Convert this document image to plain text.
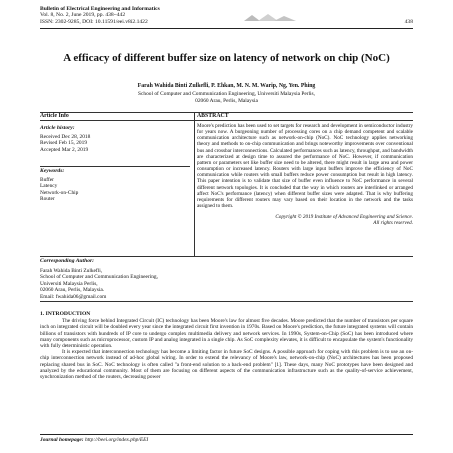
Bulletin of Electrical Engineering and Informatics
Vol. 8, No. 2, June 2019, pp. 438~442
ISSN: 2302-9285, DOI: 10.11591/eei.v8i2.1422	438
A efficacy of different buffer size on latency of network on chip (NoC)
Farah Wahida Binti Zulkefli, P. Ehkan, M. N. M. Warip, Ng, Yen. Phing
School of Computer and Communication Engineering, Universiti Malaysia Perlis,
02060 Arau, Perlis, Malaysia
Article Info
Article history:
Received Dec 28, 2018
Revised Feb 15, 2019
Accepted Mar 2, 2019
Keywords:
Buffer
Latency
Network-on-Chip
Router
ABSTRACT
Moore's prediction has been used to set targets for research and development in semiconductor industry for years now. A burgeoning number of processing cores on a chip demand competent and scalable communication architecture such as network-on-chip (NoC). NoC technology applies networking theory and methods to on-chip communication and brings noteworthy improvements over conventional bus and crossbar interconnections. Calculated performances such as latency, throughput, and bandwidth are characterized at design time to assured the performance of NoC. However, if communication pattern or parameters set like buffer size need to be altered, there might result in large area and power consumption or increased latency. Routers with large input buffers improve the efficiency of NoC communication while routers with small buffers reduce power consumption but result in high latency. This paper intention is to validate that size of buffer even influence to NoC performance in several different network topologies. It is concluded that the way in which routers are interlinked or arranged affect NoC's performance (latency) when different buffer sizes were adapted. That is why buffering requirements for different routers may vary based on their location in the network and the tasks assigned to them.
Copyright © 2019 Institute of Advanced Engineering and Science.
All rights reserved.
Corresponding Author:
Farah Wahida Binti Zulkefli,
School of Computer and Communication Engineering,
Universiti Malaysia Perlis,
02060 Arau, Perlis, Malaysia.
Email: fwahida06@gmail.com
1. INTRODUCTION

The driving force behind Integrated Circuit (IC) technology has been Moore's law for almost five decades. Moore predicted that the number of transistors per square inch on integrated circuit will be doubled every year since the integrated circuit first invention in 1970s. Based on Moore's prediction, the future integrated systems will contain billions of transistors with hundreds of IP core to undergo complex multimedia delivery and network services. In 1990s, System-on-Chip (SoC) has been introduced where many components such as microprocessor, custom IP and analog integrated in a single chip. As SoC complexity elevates, it is difficult to encapsulate the system's functionality with fully deterministic operation.

It is expected that interconnection technology has become a limiting factor in future SoC designs. A possible approach for coping with this problem is to use an on-chip interconnection network instead of ad-hoc global wiring. In order to extend the relevancy of Moore's law, network-on-chip (NoC) architectures has been proposed replacing shared bus in SoC. NoC technology is often called "a front-end solution to a back-end problem" [1]. These days, many NoC prototypes have been designed and analyzed by the educational community. Most of them are focusing on different aspects of the communication infrastructure such as the quality-of-service achievement, synchronization method of the routers, decreasing power

Journal homepage: http://beei.org/index.php/EEI
